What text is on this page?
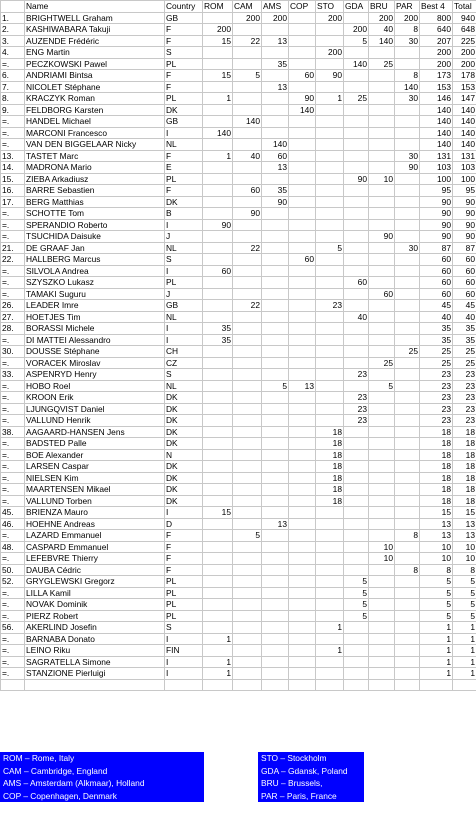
	Name	Country	ROM	CAM	AMS	COP	STO	GDA	BRU	PAR	Best 4	Total
1.	BRIGHTWELL Graham	GB		200	200		200		200	200	800	940
2.	KASHIWABARA Takuji	F	200					200	40	8	640	648
3.	AUZENDE Frédéric	F	15	22	13			5	140	30	207	225
4.	ENG Martin	S					200				200	200
=.	PECZKOWSKI Pawel	PL			35			140	25		200	200
6.	ANDRIAMI Bintsa	F	15	5		60	90			8	173	178
7.	NICOLET Stéphane	F			13					140	153	153
8.	KRACZYK Roman	PL	1			90	1	25		30	146	147
9.	FELDBORG Karsten	DK				140					140	140
=.	HANDEL Michael	GB		140							140	140
=.	MARCONI Francesco	I	140								140	140
=.	VAN DEN BIGGELAAR Nicky	NL			140						140	140
13.	TASTET Marc	F	1	40	60					30	131	131
14.	MADRONA Mario	E			13					90	103	103
15.	ZIEBA Arkadiusz	PL						90	10		100	100
16.	BARRE Sebastien	F		60	35						95	95
17.	BERG Matthias	DK			90						90	90
=.	SCHOTTE Tom	B		90							90	90
=.	SPERANDIO Roberto	I	90								90	90
=.	TSUCHIDA Daisuke	J							90		90	90
21.	DE GRAAF Jan	NL		22			5			30	87	87
22.	HALLBERG Marcus	S				60					60	60
=.	SILVOLA Andrea	I	60								60	60
=.	SZYSZKO Lukasz	PL						60			60	60
=.	TAMAKI Suguru	J							60		60	60
26.	LEADER Imre	GB		22			23				45	45
27.	HOETJES Tim	NL						40			40	40
28.	BORASSI Michele	I	35								35	35
=.	DI MATTEI Alessandro	I	35								35	35
30.	DOUSSE Stéphane	CH								25	25	25
=.	VORACEK Miroslav	CZ							25		25	25
33.	ASPENRYD Henry	S						23			23	23
=.	HOBO Roel	NL			5	13			5		23	23
=.	KROON Erik	DK						23			23	23
=.	LJUNGQVIST Daniel	DK						23			23	23
=.	VALLUND Henrik	DK						23			23	23
38.	AAGAARD-HANSEN Jens	DK					18				18	18
=.	BADSTED Palle	DK					18				18	18
=.	BOE Alexander	N					18				18	18
=.	LARSEN Caspar	DK					18				18	18
=.	NIELSEN Kim	DK					18				18	18
=.	MAARTENSEN Mikael	DK					18				18	18
=.	VALLUND Torben	DK					18				18	18
45.	BRIENZA Mauro	I	15								15	15
46.	HOEHNE Andreas	D			13						13	13
=.	LAZARD Emmanuel	F		5						8	13	13
48.	CASPARD Emmanuel	F							10		10	10
=.	LEFEBVRE Thierry	F							10		10	10
50.	DAUBA Cédric	F								8	8	8
52.	GRYGLEWSKI Gregorz	PL						5			5	5
=.	LILLA Kamil	PL						5			5	5
=.	NOVAK Dominik	PL						5			5	5
=.	PIERZ Robert	PL						5			5	5
56.	AKERLIND Josefin	S					1				1	1
=.	BARNABA Donato	I	1								1	1
=.	LEINO Riku	FIN					1				1	1
=.	SAGRATELLA Simone	I	1								1	1
=.	STANZIONE Pierluigi	I	1								1	1

ROM – Rome, Italy
CAM – Cambridge, England
AMS – Amsterdam (Alkmaar), Holland
COP – Copenhagen, Denmark
STO – Stockholm
GDA – Gdansk, Poland
BRU – Brussels,
PAR – Paris, France
